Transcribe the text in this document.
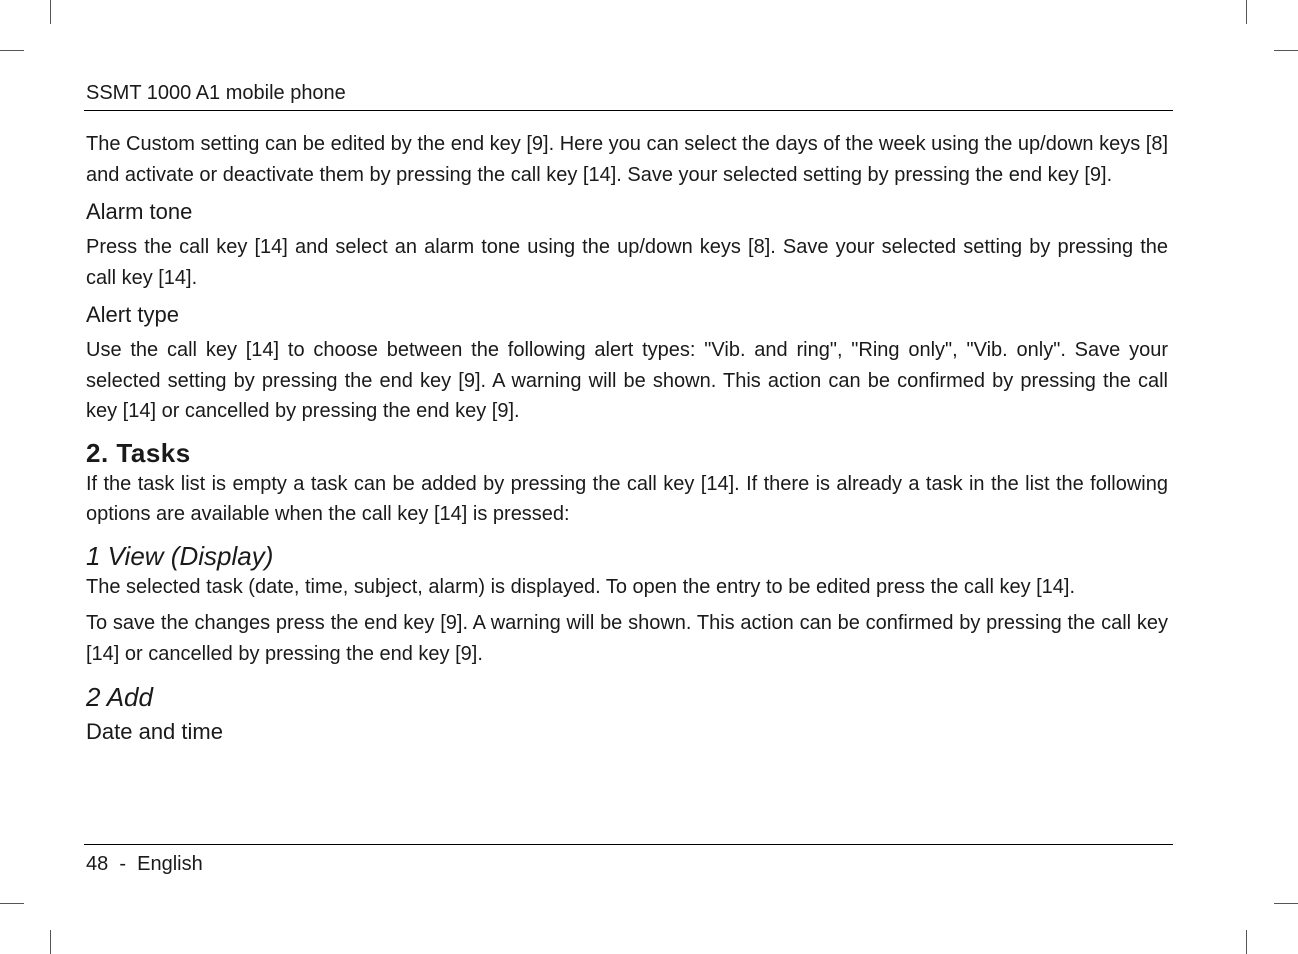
SSMT 1000 A1 mobile phone

The Custom setting can be edited by the end key [9]. Here you can select the days of the week using the up/down keys [8] and activate or deactivate them by pressing the call key [14]. Save your selected setting by pressing the end key [9].

Alarm tone

Press the call key [14] and select an alarm tone using the up/down keys [8]. Save your selected setting by pressing the call key [14].

Alert type

Use the call key [14] to choose between the following alert types: "Vib. and ring", "Ring only", "Vib. only". Save your selected setting by pressing the end key [9]. A warning will be shown. This action can be confirmed by pressing the call key [14] or cancelled by pressing the end key [9].

2. Tasks

If the task list is empty a task can be added by pressing the call key [14]. If there is already a task in the list the following options are available when the call key [14] is pressed:

1 View (Display)

The selected task (date, time, subject, alarm) is displayed. To open the entry to be edited press the call key [14].

To save the changes press the end key [9]. A warning will be shown. This action can be confirmed by pressing the call key [14] or cancelled by pressing the end key [9].

2 Add
Date and time
48  -  English
